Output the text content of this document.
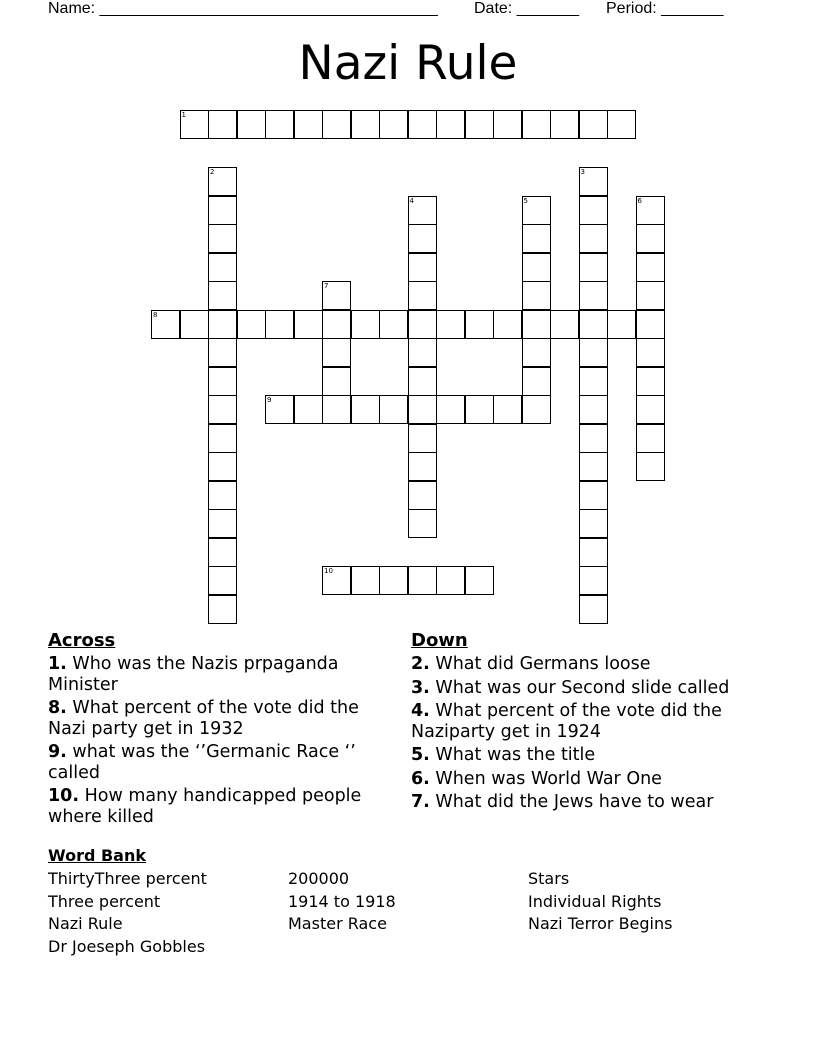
Name: ______________________________________ Date: _______ Period: _______
Nazi Rule
1
2	3
4	5	6
7
8
9
10
Across
1. Who was the Nazis prpaganda Minister
8. What percent of the vote did the Nazi party get in 1932
9. what was the ‘’Germanic Race ‘’ called
10. How many handicapped people where killed
Down
2. What did Germans loose
3. What was our Second slide called
4. What percent of the vote did the Naziparty get in 1924
5. What was the title
6. When was World War One
7. What did the Jews have to wear
Word Bank
ThirtyThree percent	200000	Stars
Three percent	1914 to 1918	Individual Rights
Nazi Rule	Master Race	Nazi Terror Begins
Dr Joeseph Gobbles
